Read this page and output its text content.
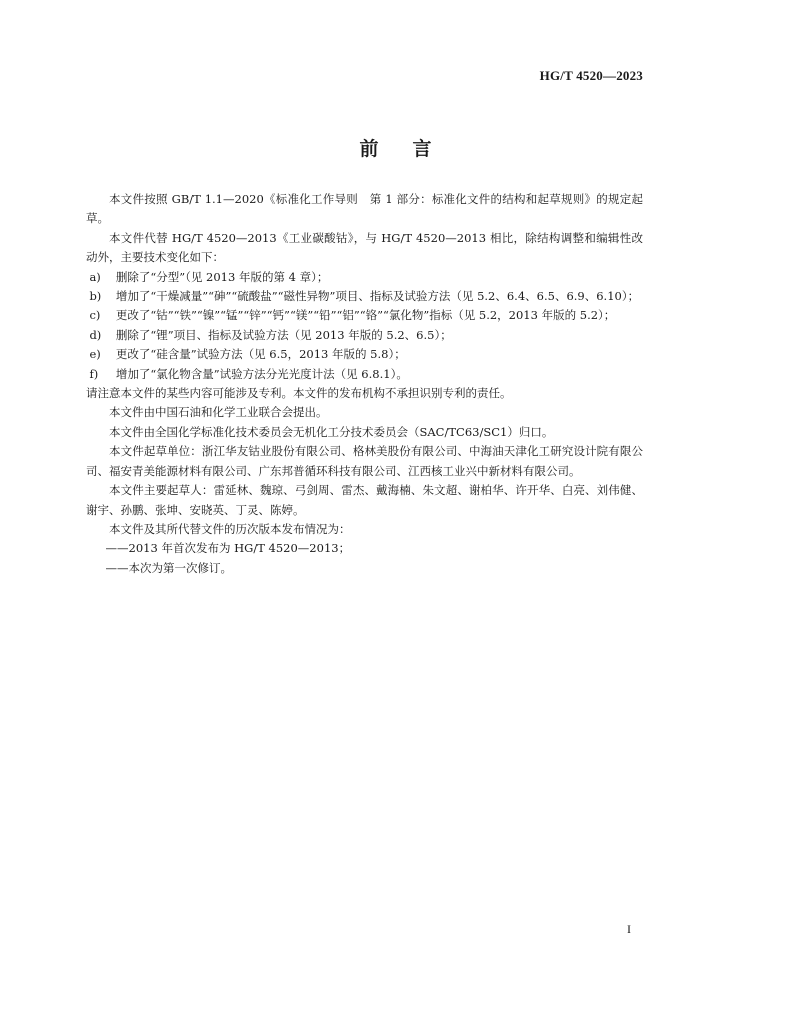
HG/T 4520—2023
前言

本文件按照 GB/T 1.1—2020《标准化工作导则　第 1 部分：标准化文件的结构和起草规则》的规定起草。

本文件代替 HG/T 4520—2013《工业碳酸钴》，与 HG/T 4520—2013 相比，除结构调整和编辑性改动外，主要技术变化如下：

a)	删除了“分型”（见 2013 年版的第 4 章）；
b)	增加了“干燥减量”“砷”“硫酸盐”“磁性异物”项目、指标及试验方法（见 5.2、6.4、6.5、6.9、6.10）；
c)	更改了“钴”“铁”“镍”“锰”“锌”“钙”“镁”“铅”“铝”“铬”“氯化物”指标（见 5.2，2013 年版的 5.2）；
d)	删除了“锂”项目、指标及试验方法（见 2013 年版的 5.2、6.5）；
e)	更改了“硅含量”试验方法（见 6.5，2013 年版的 5.8）；
f)	增加了“氯化物含量”试验方法分光光度计法（见 6.8.1）。

请注意本文件的某些内容可能涉及专利。本文件的发布机构不承担识别专利的责任。

本文件由中国石油和化学工业联合会提出。

本文件由全国化学标准化技术委员会无机化工分技术委员会（SAC/TC63/SC1）归口。

本文件起草单位：浙江华友钴业股份有限公司、格林美股份有限公司、中海油天津化工研究设计院有限公司、福安青美能源材料有限公司、广东邦普循环科技有限公司、江西核工业兴中新材料有限公司。

本文件主要起草人：雷延林、魏琼、弓剑周、雷杰、戴海楠、朱文超、谢柏华、许开华、白亮、刘伟健、谢宇、孙鹏、张坤、安晓英、丁灵、陈婷。

本文件及其所代替文件的历次版本发布情况为：

——2013 年首次发布为 HG/T 4520—2013；

——本次为第一次修订。

I
